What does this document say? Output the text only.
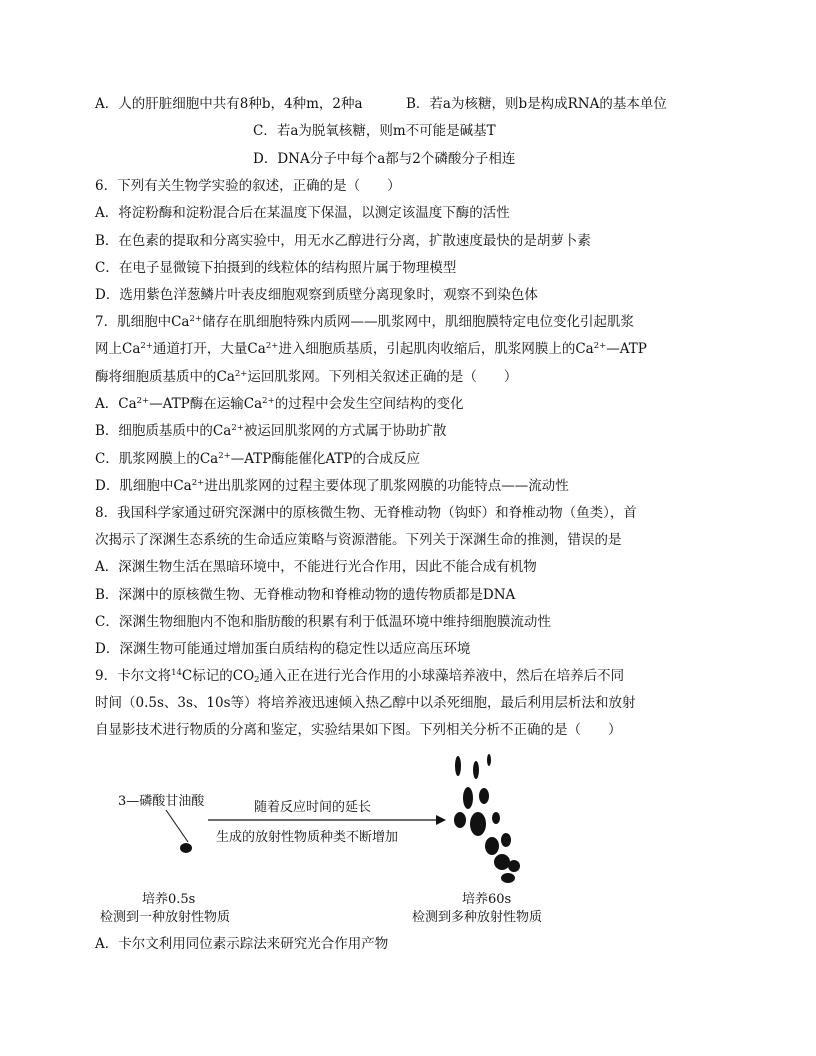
A．人的肝脏细胞中共有8种b，4种m，2种a	B．若a为核糖，则b是构成RNA的基本单位
C．若a为脱氧核糖，则m不可能是碱基T
D．DNA分子中每个a都与2个磷酸分子相连
6．下列有关生物学实验的叙述，正确的是（　　）
A．将淀粉酶和淀粉混合后在某温度下保温，以测定该温度下酶的活性
B．在色素的提取和分离实验中，用无水乙醇进行分离，扩散速度最快的是胡萝卜素
C．在电子显微镜下拍摄到的线粒体的结构照片属于物理模型
D．选用紫色洋葱鳞片叶表皮细胞观察到质壁分离现象时，观察不到染色体
7．肌细胞中$Ca^{2+}$储存在肌细胞特殊内质网——肌浆网中，肌细胞膜特定电位变化引起肌浆
网上$Ca^{2+}$通道打开，大量$Ca^{2+}$进入细胞质基质，引起肌肉收缩后，肌浆网膜上的$Ca^{2+}—ATP$
酶将细胞质基质中的$Ca^{2+}$运回肌浆网。下列相关叙述正确的是（　　）
A．$Ca^{2+}—ATP$酶在运输$Ca^{2+}$的过程中会发生空间结构的变化
B．细胞质基质中的$Ca^{2+}$被运回肌浆网的方式属于协助扩散
C．肌浆网膜上的$Ca^{2+}—ATP$酶能催化ATP的合成反应
D．肌细胞中$Ca^{2+}$进出肌浆网的过程主要体现了肌浆网膜的功能特点——流动性
8．我国科学家通过研究深渊中的原核微生物、无脊椎动物（钩虾）和脊椎动物（鱼类），首
次揭示了深渊生态系统的生命适应策略与资源潜能。下列关于深渊生命的推测，错误的是
A．深渊生物生活在黑暗环境中，不能进行光合作用，因此不能合成有机物
B．深渊中的原核微生物、无脊椎动物和脊椎动物的遗传物质都是DNA
C．深渊生物细胞内不饱和脂肪酸的积累有利于低温环境中维持细胞膜流动性
D．深渊生物可能通过增加蛋白质结构的稳定性以适应高压环境
9．卡尔文将$^{14}$C标记的$CO_2$通入正在进行光合作用的小球藻培养液中，然后在培养后不同
时间（0.5s、3s、10s等）将培养液迅速倾入热乙醇中以杀死细胞，最后利用层析法和放射
自显影技术进行物质的分离和鉴定，实验结果如下图。下列相关分析不正确的是（　　）
3—磷酸甘油酸	随着反应时间的延长
生成的放射性物质种类不断增加
培养0.5s
检测到一种放射性物质
培养60s
检测到多种放射性物质
A．卡尔文利用同位素示踪法来研究光合作用产物
